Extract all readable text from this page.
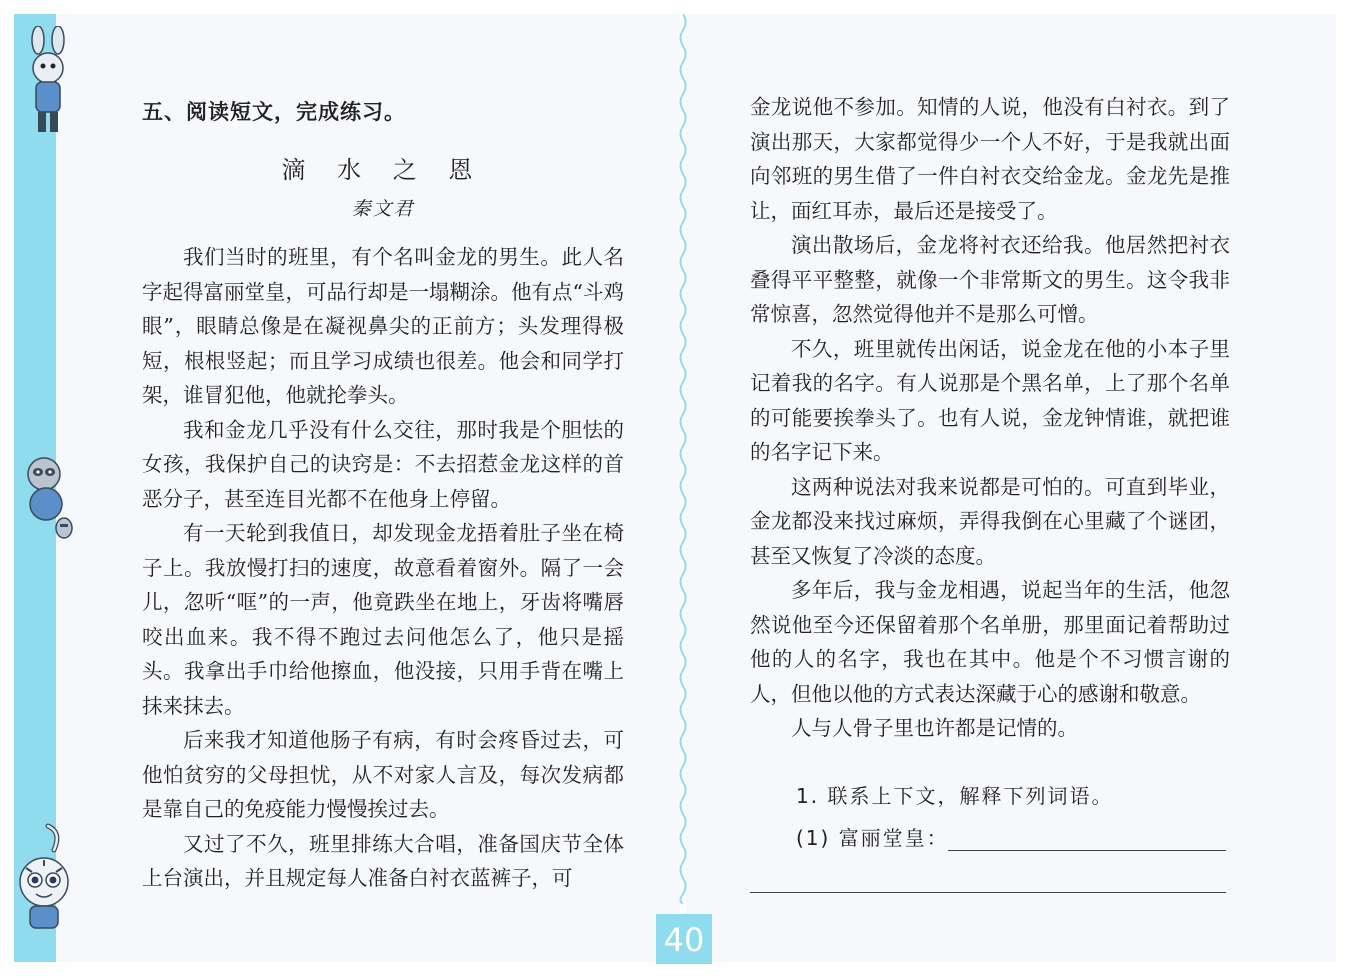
五、阅读短文，完成练习。
滴 水 之 恩
秦文君

我们当时的班里，有个名叫金龙的男生。此人名字起得富丽堂皇，可品行却是一塌糊涂。他有点“斗鸡眼”，眼睛总像是在凝视鼻尖的正前方；头发理得极短，根根竖起；而且学习成绩也很差。他会和同学打架，谁冒犯他，他就抡拳头。

我和金龙几乎没有什么交往，那时我是个胆怯的女孩，我保护自己的诀窍是：不去招惹金龙这样的首恶分子，甚至连目光都不在他身上停留。

有一天轮到我值日，却发现金龙捂着肚子坐在椅子上。我放慢打扫的速度，故意看着窗外。隔了一会儿，忽听“哐”的一声，他竟跌坐在地上，牙齿将嘴唇咬出血来。我不得不跑过去问他怎么了，他只是摇头。我拿出手巾给他擦血，他没接，只用手背在嘴上抹来抹去。

后来我才知道他肠子有病，有时会疼昏过去，可他怕贫穷的父母担忧，从不对家人言及，每次发病都是靠自己的免疫能力慢慢挨过去。

又过了不久，班里排练大合唱，准备国庆节全体上台演出，并且规定每人准备白衬衣蓝裤子，可

金龙说他不参加。知情的人说，他没有白衬衣。到了演出那天，大家都觉得少一个人不好，于是我就出面向邻班的男生借了一件白衬衣交给金龙。金龙先是推让，面红耳赤，最后还是接受了。

演出散场后，金龙将衬衣还给我。他居然把衬衣叠得平平整整，就像一个非常斯文的男生。这令我非常惊喜，忽然觉得他并不是那么可憎。

不久，班里就传出闲话，说金龙在他的小本子里记着我的名字。有人说那是个黑名单，上了那个名单的可能要挨拳头了。也有人说，金龙钟情谁，就把谁的名字记下来。

这两种说法对我来说都是可怕的。可直到毕业，金龙都没来找过麻烦，弄得我倒在心里藏了个谜团，甚至又恢复了冷淡的态度。

多年后，我与金龙相遇，说起当年的生活，他忽然说他至今还保留着那个名单册，那里面记着帮助过他的人的名字，我也在其中。他是个不习惯言谢的人，但他以他的方式表达深藏于心的感谢和敬意。

人与人骨子里也许都是记情的。

1. 联系上下文，解释下列词语。
(1) 富丽堂皇：
40
